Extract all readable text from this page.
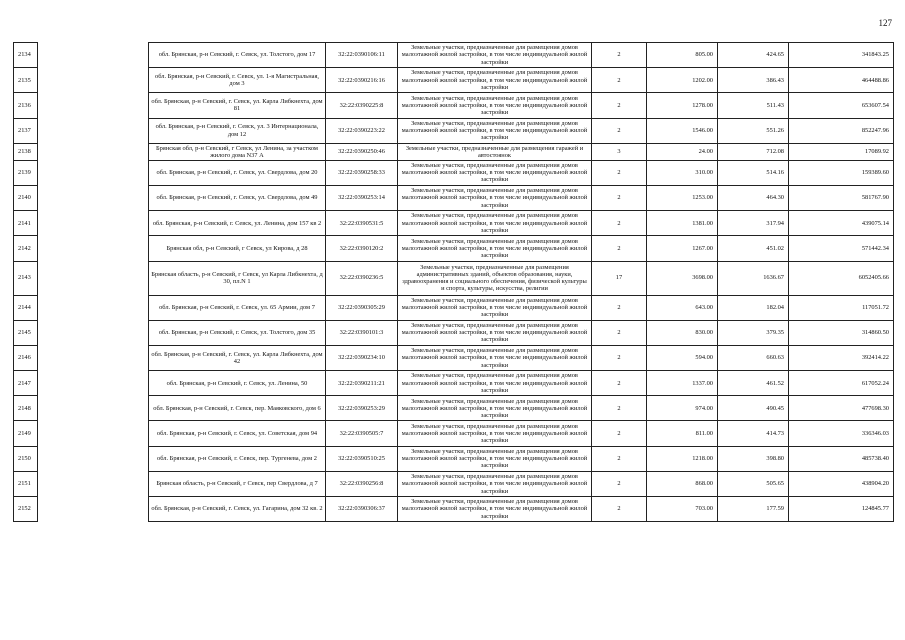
127
2134		обл. Брянская, р-н Севский, г. Севск, ул. Толстого, дом 17	32:22:0390106:11	Земельные участки, предназначенные для размещения домов малоэтажной жилой застройки, в том числе индивидуальной жилой застройки	2	805.00	424.65	341843.25
2135		обл. Брянская, р-н Севский, г. Севск, ул. 1-я Магистральная, дом 3	32:22:0390216:16	Земельные участки, предназначенные для размещения домов малоэтажной жилой застройки, в том числе индивидуальной жилой застройки	2	1202.00	386.43	464488.86
2136		обл. Брянская, р-н Севский, г. Севск, ул. Карла Либкнехта, дом 81	32:22:0390225:8	Земельные участки, предназначенные для размещения домов малоэтажной жилой застройки, в том числе индивидуальной жилой застройки	2	1278.00	511.43	653607.54
2137		обл. Брянская, р-н Севский, г. Севск, ул. 3 Интернационала, дом 12	32:22:0390223:22	Земельные участки, предназначенные для размещения домов малоэтажной жилой застройки, в том числе индивидуальной жилой застройки	2	1546.00	551.26	852247.96
2138		Брянская обл, р-н Севский, г Севск, ул Ленина, за участком жилого дома N37 А	32:22:0390250:46	Земельные участки, предназначенные для размещения гаражей и автостоянок	3	24.00	712.08	17089.92
2139		обл. Брянская, р-н Севский, г. Севск, ул. Свердлова, дом 20	32:22:0390258:33	Земельные участки, предназначенные для размещения домов малоэтажной жилой застройки, в том числе индивидуальной жилой застройки	2	310.00	514.16	159389.60
2140		обл. Брянская, р-н Севский, г. Севск, ул. Свердлова, дом 49	32:22:0390253:14	Земельные участки, предназначенные для размещения домов малоэтажной жилой застройки, в том числе индивидуальной жилой застройки	2	1253.00	464.30	581767.90
2141		обл. Брянская, р-н Севский, г. Севск, ул. Ленина, дом 157 кв 2	32:22:0390531:5	Земельные участки, предназначенные для размещения домов малоэтажной жилой застройки, в том числе индивидуальной жилой застройки	2	1381.00	317.94	439075.14
2142		Брянская обл, р-н Севский, г Севск, ул Кирова, д 28	32:22:0390120:2	Земельные участки, предназначенные для размещения домов малоэтажной жилой застройки, в том числе индивидуальной жилой застройки	2	1267.00	451.02	571442.34
2143		Брянская область, р-н Севский, г Севск, ул Карла Либкнехта, д 30, пл.N 1	32:22:0390236:5	Земельные участки, предназначенные для размещения административных зданий, объектов образования, науки, здравоохранения и социального обеспечения, физической культуры и спорта, культуры, искусства, религии	17	3698.00	1636.67	6052405.66
2144		обл. Брянская, р-н Севский, г. Севск, ул. 65 Армии, дом 7	32:22:0390305:29	Земельные участки, предназначенные для размещения домов малоэтажной жилой застройки, в том числе индивидуальной жилой застройки	2	643.00	182.04	117051.72
2145		обл. Брянская, р-н Севский, г. Севск, ул. Толстого, дом 35	32:22:0390101:3	Земельные участки, предназначенные для размещения домов малоэтажной жилой застройки, в том числе индивидуальной жилой застройки	2	830.00	379.35	314860.50
2146		обл. Брянская, р-н Севский, г. Севск, ул. Карла Либкнехта, дом 42	32:22:0390234:10	Земельные участки, предназначенные для размещения домов малоэтажной жилой застройки, в том числе индивидуальной жилой застройки	2	594.00	660.63	392414.22
2147		обл. Брянская, р-н Севский, г. Севск, ул. Ленина, 50	32:22:0390211:21	Земельные участки, предназначенные для размещения домов малоэтажной жилой застройки, в том числе индивидуальной жилой застройки	2	1337.00	461.52	617052.24
2148		обл. Брянская, р-н Севский, г. Севск, пер. Маяковского, дом 6	32:22:0390253:29	Земельные участки, предназначенные для размещения домов малоэтажной жилой застройки, в том числе индивидуальной жилой застройки	2	974.00	490.45	477698.30
2149		обл. Брянская, р-н Севский, г. Севск, ул. Советская, дом 94	32:22:0390505:7	Земельные участки, предназначенные для размещения домов малоэтажной жилой застройки, в том числе индивидуальной жилой застройки	2	811.00	414.73	336346.03
2150		обл. Брянская, р-н Севский, г. Севск, пер. Тургенева, дом 2	32:22:0390510:25	Земельные участки, предназначенные для размещения домов малоэтажной жилой застройки, в том числе индивидуальной жилой застройки	2	1218.00	398.80	485738.40
2151		Брянская область, р-н Севский, г Севск, пер Свердлова, д 7	32:22:0390256:8	Земельные участки, предназначенные для размещения домов малоэтажной жилой застройки, в том числе индивидуальной жилой застройки	2	868.00	505.65	438904.20
2152		обл. Брянская, р-н Севский, г. Севск, ул. Гагарина, дом 32 кв. 2	32:22:0390306:37	Земельные участки, предназначенные для размещения домов малоэтажной жилой застройки, в том числе индивидуальной жилой застройки	2	703.00	177.59	124845.77
